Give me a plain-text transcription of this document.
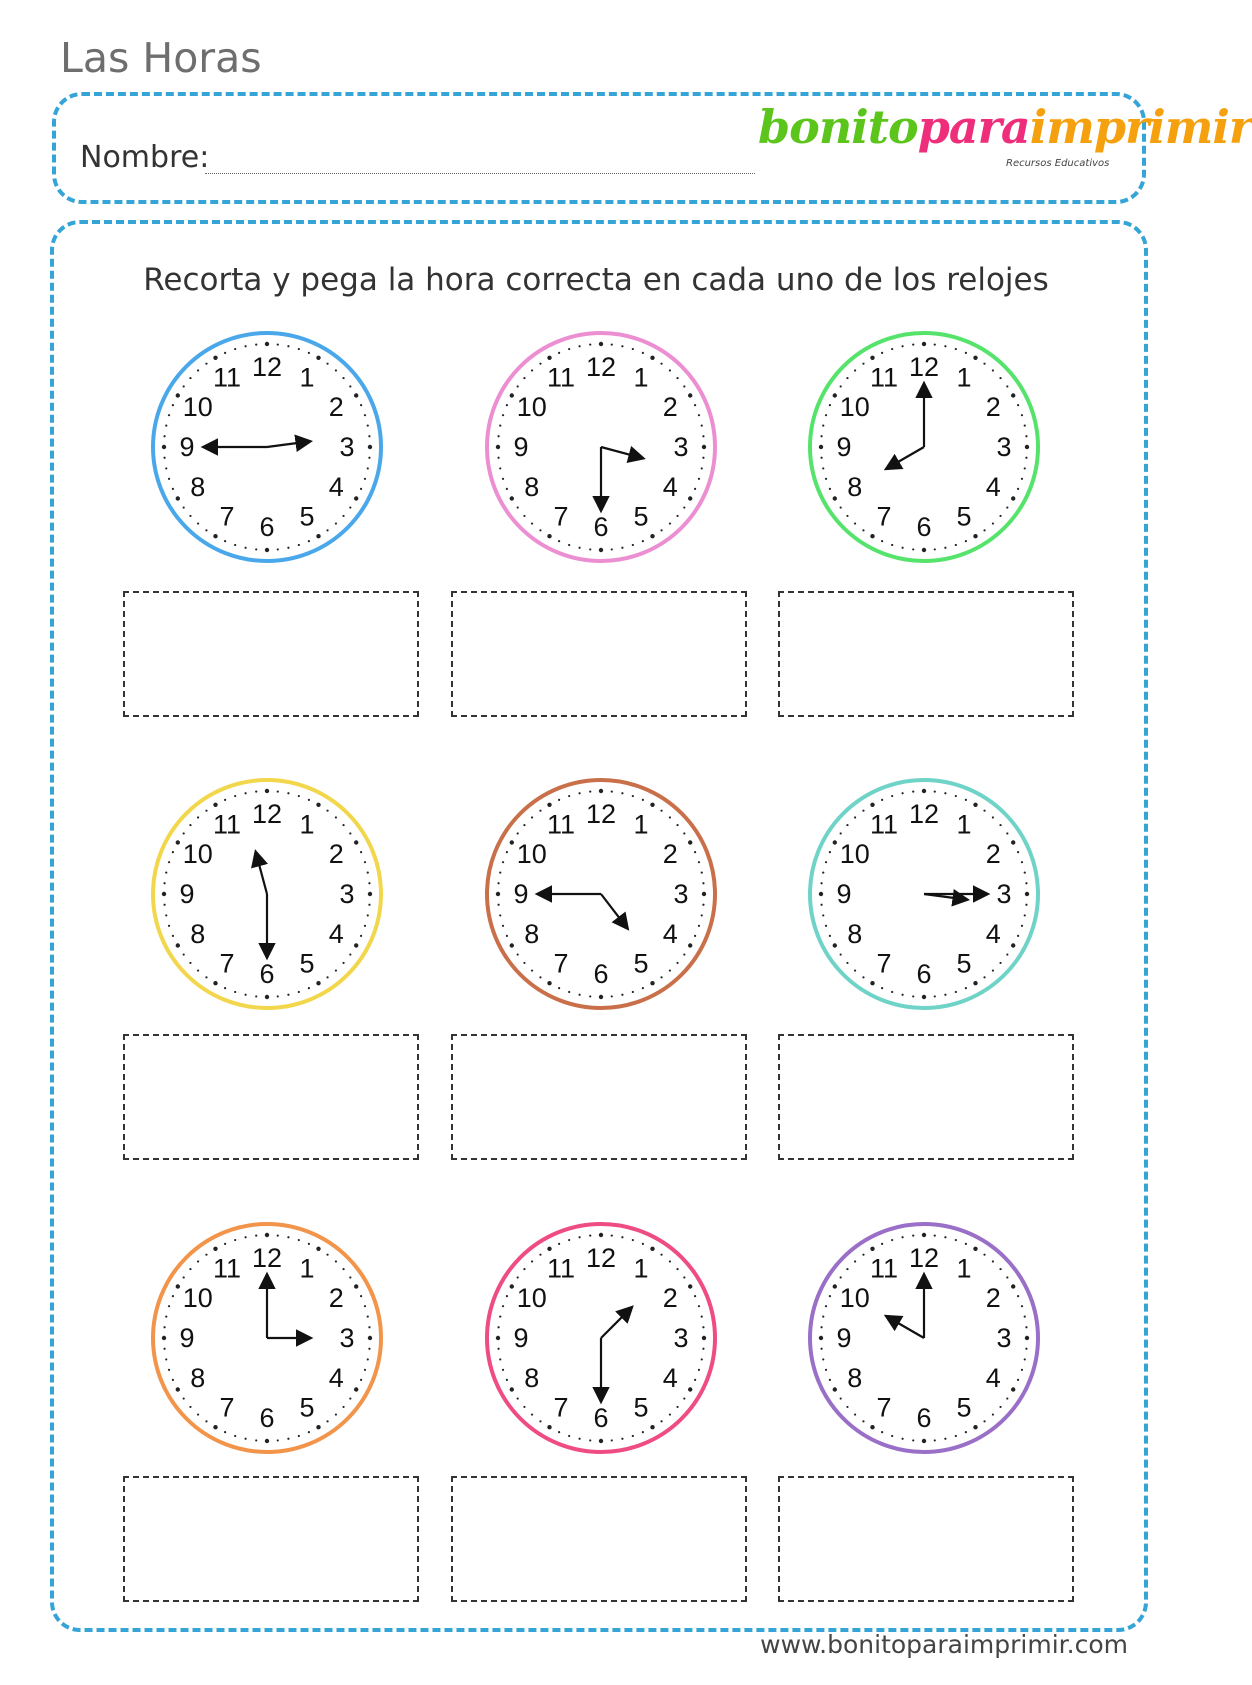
Las Horas
Nombre:
bonitoparaimprimir
Recursos Educativos
Recorta y pega la hora correcta en cada uno de los relojes
12 1
2
3
4
5
6
7
8
9
10
11	12 1
2
3
4
5
6
7
8
9
10
11	12 1
2
3
4
5
6
7
8
9
10
11
12 1
2
3
4
5
6
7
8
9
10
11	12 1
2
3
4
5
6
7
8
9
10
11	12 1
2
3
4
5
6
7
8
9
10
11
12 1
2
3
4
5
6
7
8
9
10
11	12 1
2
3
4
5
6
7
8
9
10
11	12 1
2
3
4
5
6
7
8
9
10
11
www.bonitoparaimprimir.com
